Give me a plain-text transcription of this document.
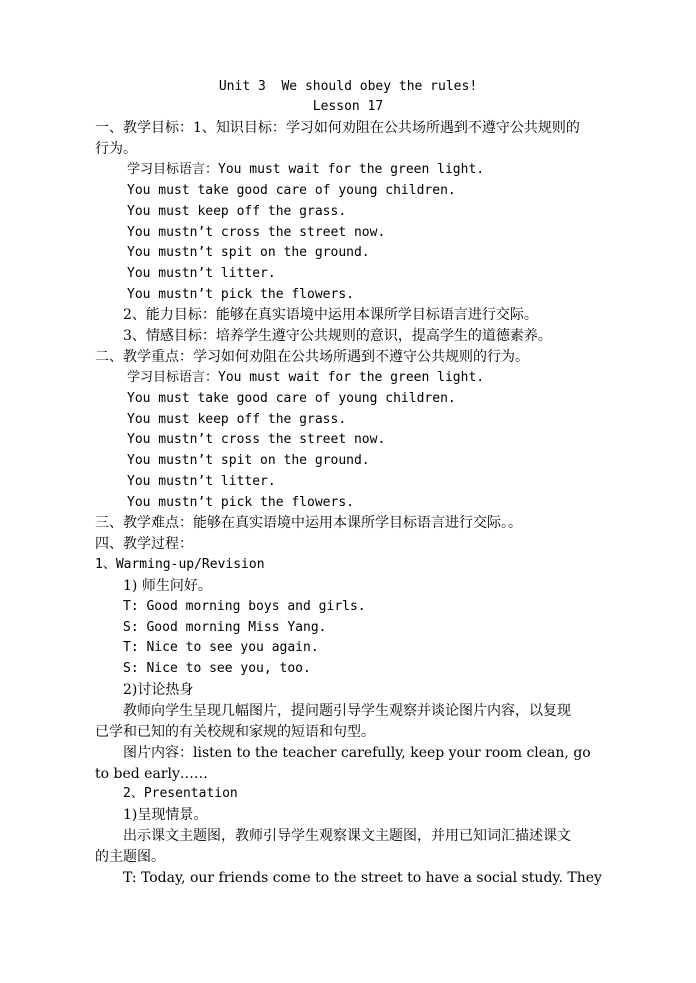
Unit 3  We should obey the rules!
Lesson 17
一、教学目标：1、知识目标：学习如何劝阻在公共场所遇到不遵守公共规则的
行为。
学习目标语言：You must wait for the green light.
You must take good care of young children.
You must keep off the grass.
You mustn’t cross the street now.
You mustn’t spit on the ground.
You mustn’t litter.
You mustn’t pick the flowers.
2、能力目标：能够在真实语境中运用本课所学目标语言进行交际。
3、情感目标：培养学生遵守公共规则的意识，提高学生的道德素养。
二、教学重点：学习如何劝阻在公共场所遇到不遵守公共规则的行为。
学习目标语言：You must wait for the green light.
You must take good care of young children.
You must keep off the grass.
You mustn’t cross the street now.
You mustn’t spit on the ground.
You mustn’t litter.
You mustn’t pick the flowers.
三、教学难点：能够在真实语境中运用本课所学目标语言进行交际。。
四、教学过程：
1、Warming-up/Revision
1) 师生问好。
T: Good morning boys and girls.
S: Good morning Miss Yang.
T: Nice to see you again.
S: Nice to see you, too.
2)讨论热身
教师向学生呈现几幅图片，提问题引导学生观察并谈论图片内容，以复现
已学和已知的有关校规和家规的短语和句型。
图片内容：listen to the teacher carefully, keep your room clean, go
to bed early……
2、Presentation
1)呈现情景。
出示课文主题图，教师引导学生观察课文主题图，并用已知词汇描述课文
的主题图。
T: Today, our friends come to the street to have a social study. They
